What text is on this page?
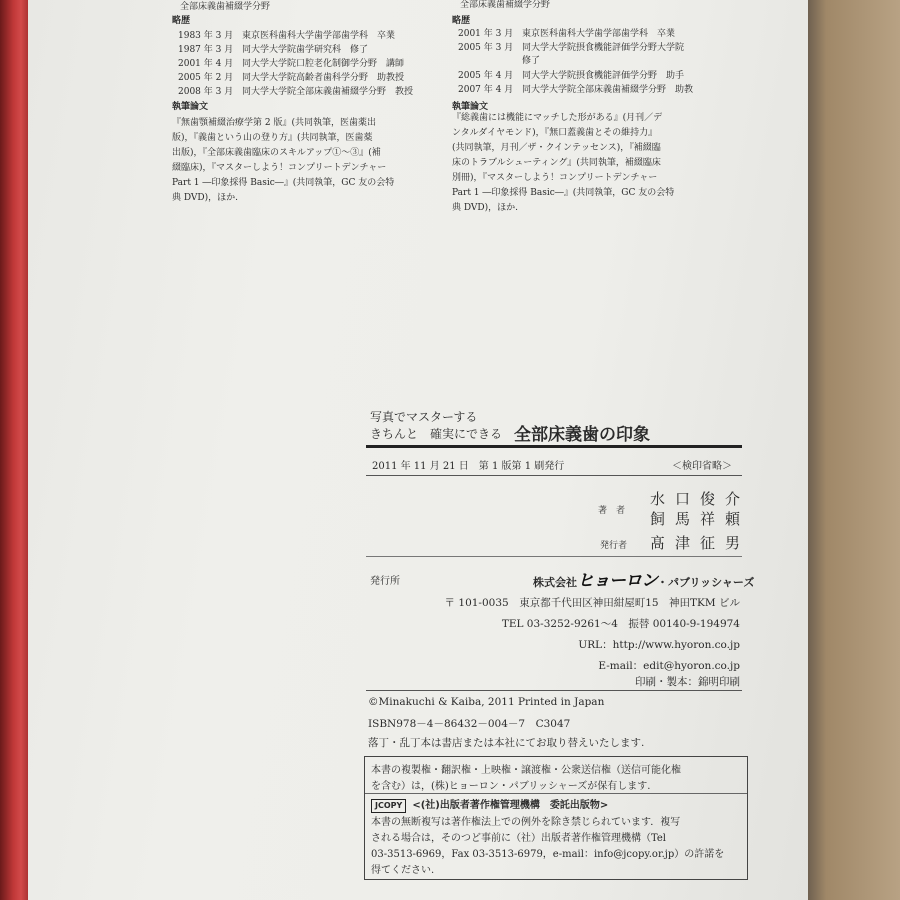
全部床義歯補綴学分野
略歴
1983 年 3 月 東京医科歯科大学歯学部歯学科　卒業
1987 年 3 月 同大学大学院歯学研究科　修了
2001 年 4 月 同大学大学院口腔老化制御学分野　講師
2005 年 2 月 同大学大学院高齢者歯科学分野　助教授
2008 年 3 月 同大学大学院全部床義歯補綴学分野　教授
執筆論文
『無歯顎補綴治療学第 2 版』(共同執筆，医歯薬出
版)，『義歯という山の登り方』(共同執筆，医歯薬
出版)，『全部床義歯臨床のスキルアップ①～③』(補
綴臨床)，『マスターしよう！コンプリートデンチャー
Part 1 ―印象採得 Basic―』(共同執筆，GC 友の会特
典 DVD)，ほか.
全部床義歯補綴学分野
略歴
2001 年 3 月 東京医科歯科大学歯学部歯学科　卒業
2005 年 3 月 同大学大学院摂食機能評価学分野大学院
修了
2005 年 4 月 同大学大学院摂食機能評価学分野　助手
2007 年 4 月 同大学大学院全部床義歯補綴学分野　助教
執筆論文
『総義歯には機能にマッチした形がある』(月刊／デ
ンタルダイヤモンド)，『無口蓋義歯とその維持力』
(共同執筆，月刊／ザ・クインテッセンス)，『補綴臨
床のトラブルシューティング』(共同執筆，補綴臨床
別冊)，『マスターしよう！コンプリートデンチャー
Part 1 ―印象採得 Basic―』(共同執筆，GC 友の会特
典 DVD)，ほか.
写真でマスターする
きちんと　確実にできる 全部床義歯の印象
2011 年 11 月 21 日　第 1 版第 1 刷発行	＜検印省略＞
著　者
水口俊介
飼馬祥頼
発行者 髙津征男
発行所	株式会社ヒョーロン・パブリッシャーズ
〒 101-0035　東京都千代田区神田紺屋町15　神田TKM ビル
TEL 03-3252-9261～4　振替 00140-9-194974
URL：http://www.hyoron.co.jp
E-mail：edit@hyoron.co.jp
印刷・製本：錦明印刷
©Minakuchi & Kaiba, 2011 Printed in Japan
ISBN978－4－86432－004－7　C3047
落丁・乱丁本は書店または本社にてお取り替えいたします.
本書の複製権・翻訳権・上映権・譲渡権・公衆送信権（送信可能化権
を含む）は，(株)ヒョーロン・パブリッシャーズが保有します.
JCOPY <(社)出版者著作権管理機構　委託出版物>
本書の無断複写は著作権法上での例外を除き禁じられています．複写
される場合は，そのつど事前に（社）出版者著作権管理機構（Tel
03-3513-6969，Fax 03-3513-6979，e-mail：info@jcopy.or.jp）の許諾を
得てください.
